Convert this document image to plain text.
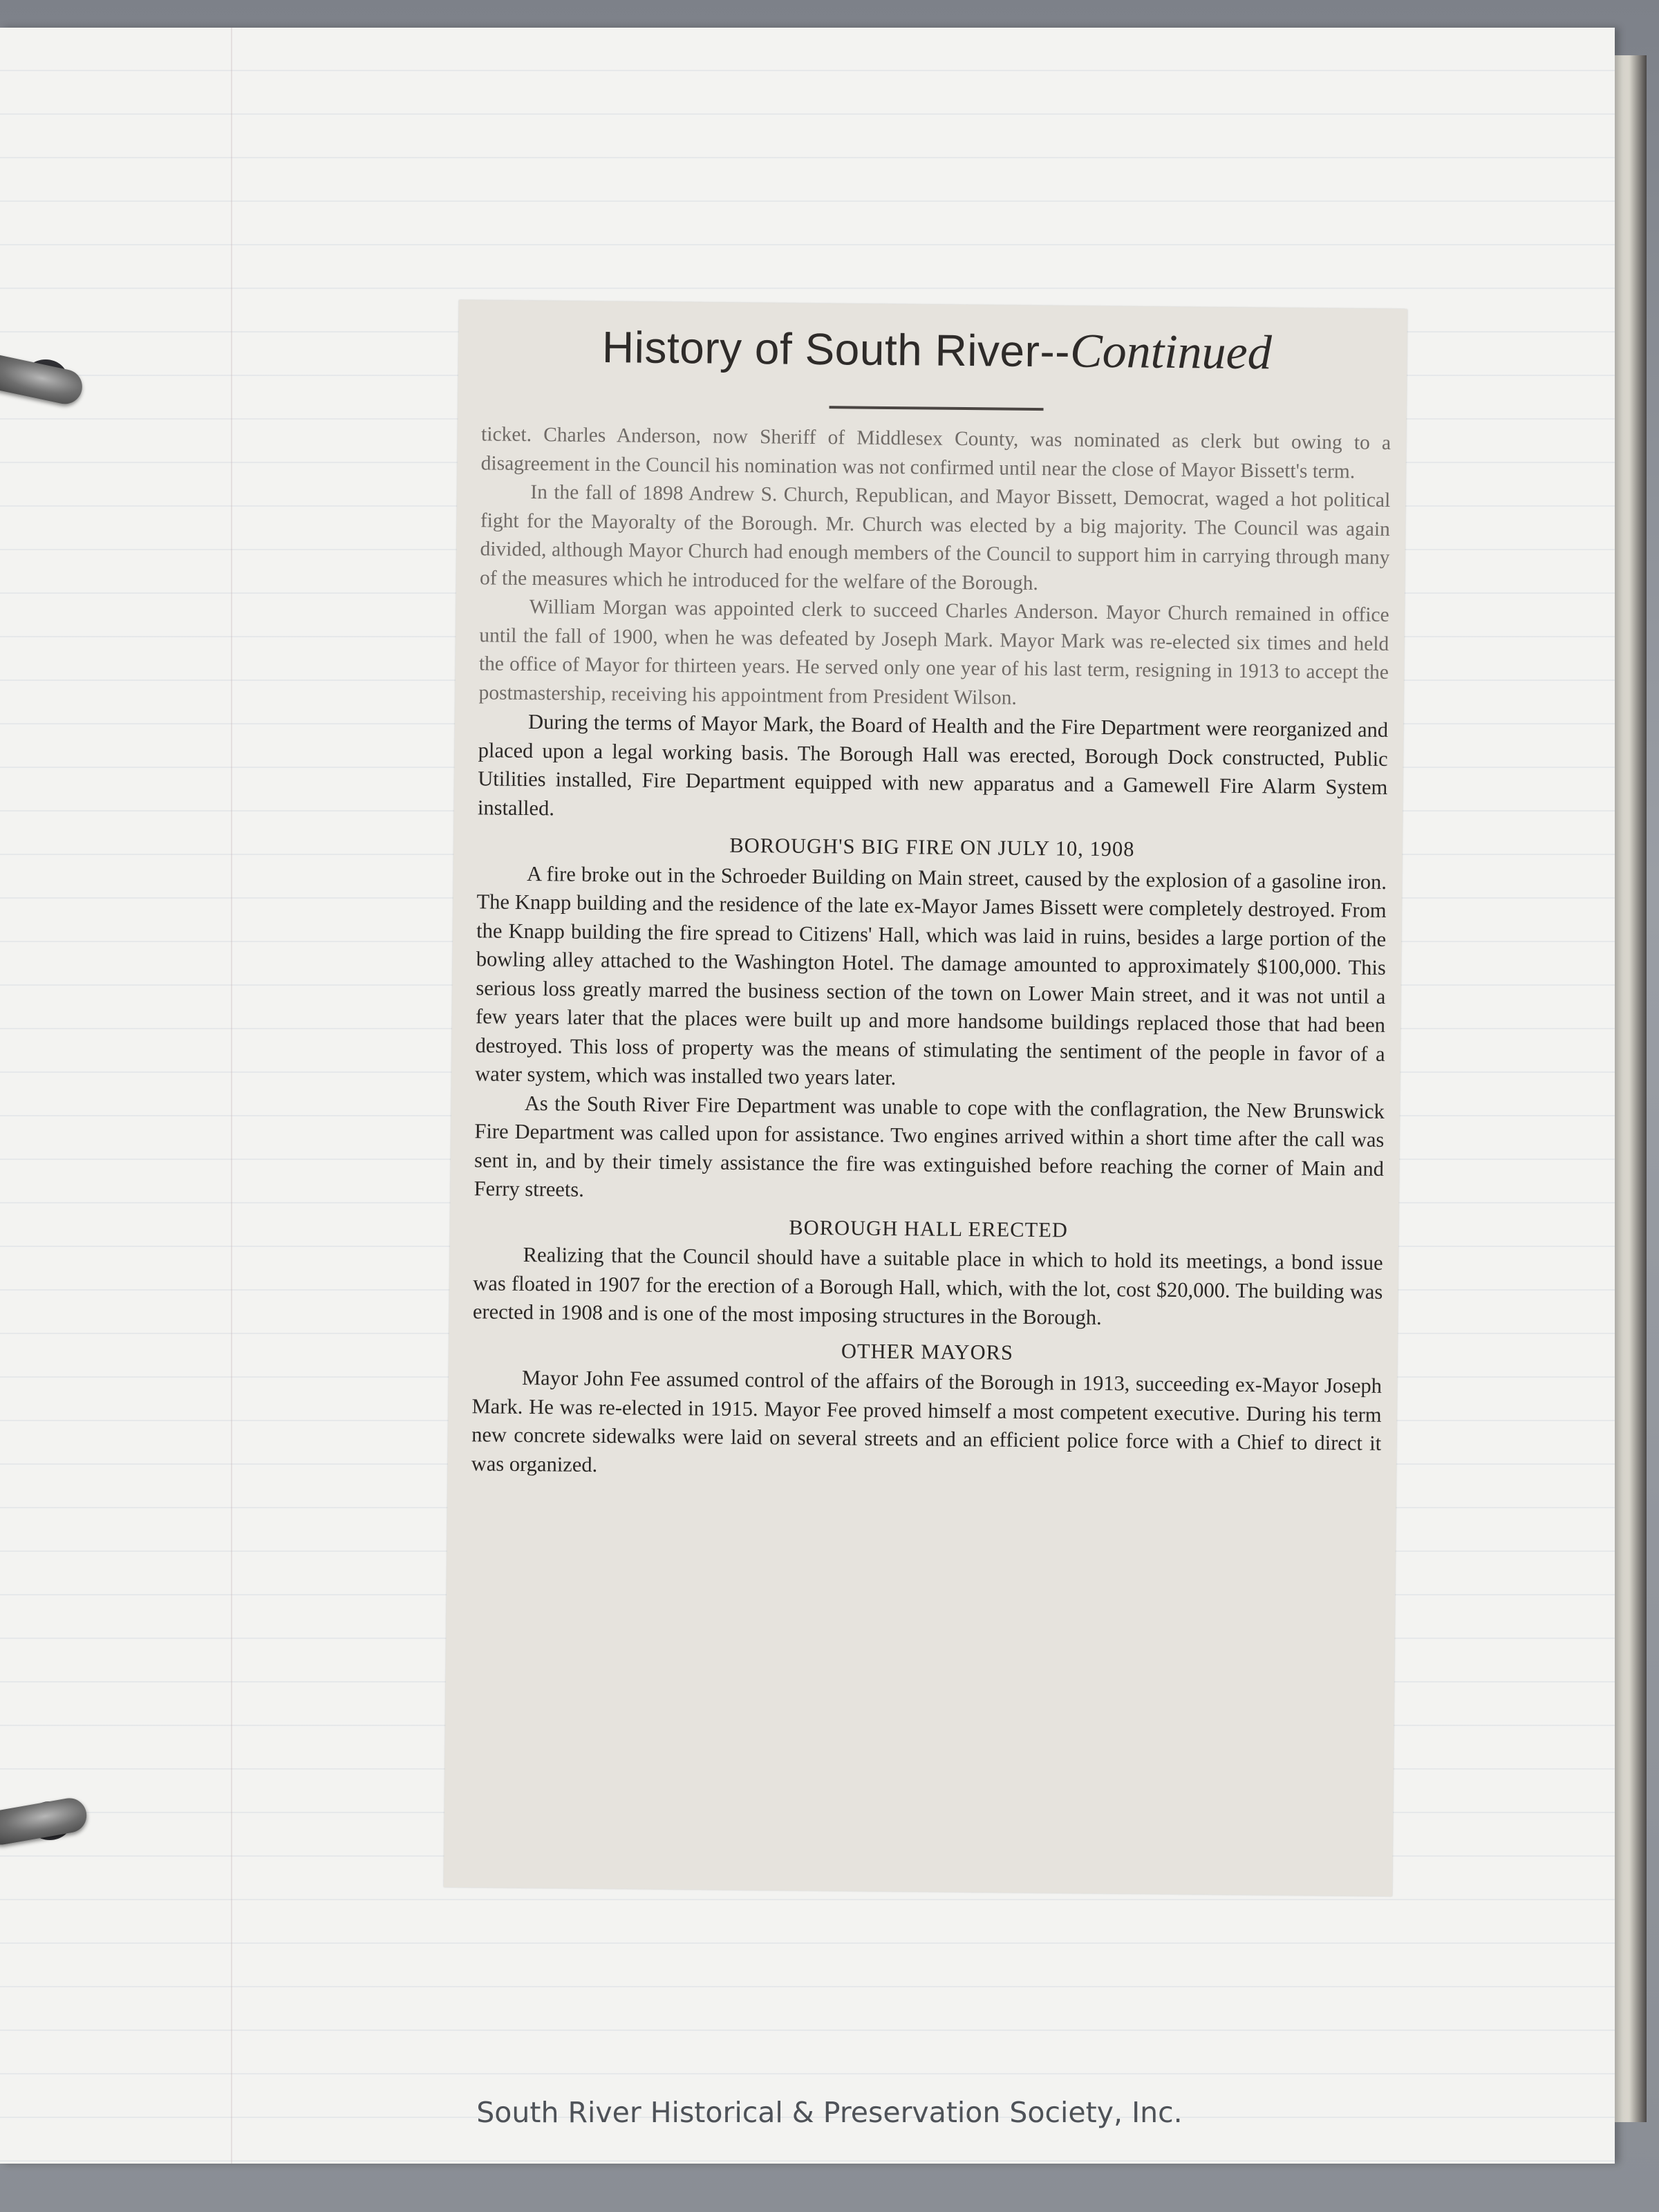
History of South River--Continued

ticket. Charles Anderson, now Sheriff of Middlesex County, was nominated as clerk but owing to a disagreement in the Council his nomination was not confirmed until near the close of Mayor Bissett's term.

In the fall of 1898 Andrew S. Church, Republican, and Mayor Bissett, Democrat, waged a hot political fight for the Mayoralty of the Borough. Mr. Church was elected by a big majority. The Council was again divided, although Mayor Church had enough members of the Council to support him in carrying through many of the measures which he introduced for the welfare of the Borough.

William Morgan was appointed clerk to succeed Charles Anderson. Mayor Church remained in office until the fall of 1900, when he was defeated by Joseph Mark. Mayor Mark was re-elected six times and held the office of Mayor for thirteen years. He served only one year of his last term, resigning in 1913 to accept the postmastership, receiving his appointment from President Wilson.

During the terms of Mayor Mark, the Board of Health and the Fire Department were reorganized and placed upon a legal working basis. The Borough Hall was erected, Borough Dock constructed, Public Utilities installed, Fire Department equipped with new apparatus and a Gamewell Fire Alarm System installed.

BOROUGH'S BIG FIRE ON JULY 10, 1908

A fire broke out in the Schroeder Building on Main street, caused by the explosion of a gasoline iron. The Knapp building and the residence of the late ex-Mayor James Bissett were completely destroyed. From the Knapp building the fire spread to Citizens' Hall, which was laid in ruins, besides a large portion of the bowling alley attached to the Washington Hotel. The damage amounted to approximately $100,000. This serious loss greatly marred the business section of the town on Lower Main street, and it was not until a few years later that the places were built up and more handsome buildings replaced those that had been destroyed. This loss of property was the means of stimulating the sentiment of the people in favor of a water system, which was installed two years later.

As the South River Fire Department was unable to cope with the conflagration, the New Brunswick Fire Department was called upon for assistance. Two engines arrived within a short time after the call was sent in, and by their timely assistance the fire was extinguished before reaching the corner of Main and Ferry streets.

BOROUGH HALL ERECTED

Realizing that the Council should have a suitable place in which to hold its meetings, a bond issue was floated in 1907 for the erection of a Borough Hall, which, with the lot, cost $20,000. The building was erected in 1908 and is one of the most imposing structures in the Borough.

OTHER MAYORS

Mayor John Fee assumed control of the affairs of the Borough in 1913, succeeding ex-Mayor Joseph Mark. He was re-elected in 1915. Mayor Fee proved himself a most competent executive. During his term new concrete sidewalks were laid on several streets and an efficient police force with a Chief to direct it was organized.

South River Historical & Preservation Society, Inc.
